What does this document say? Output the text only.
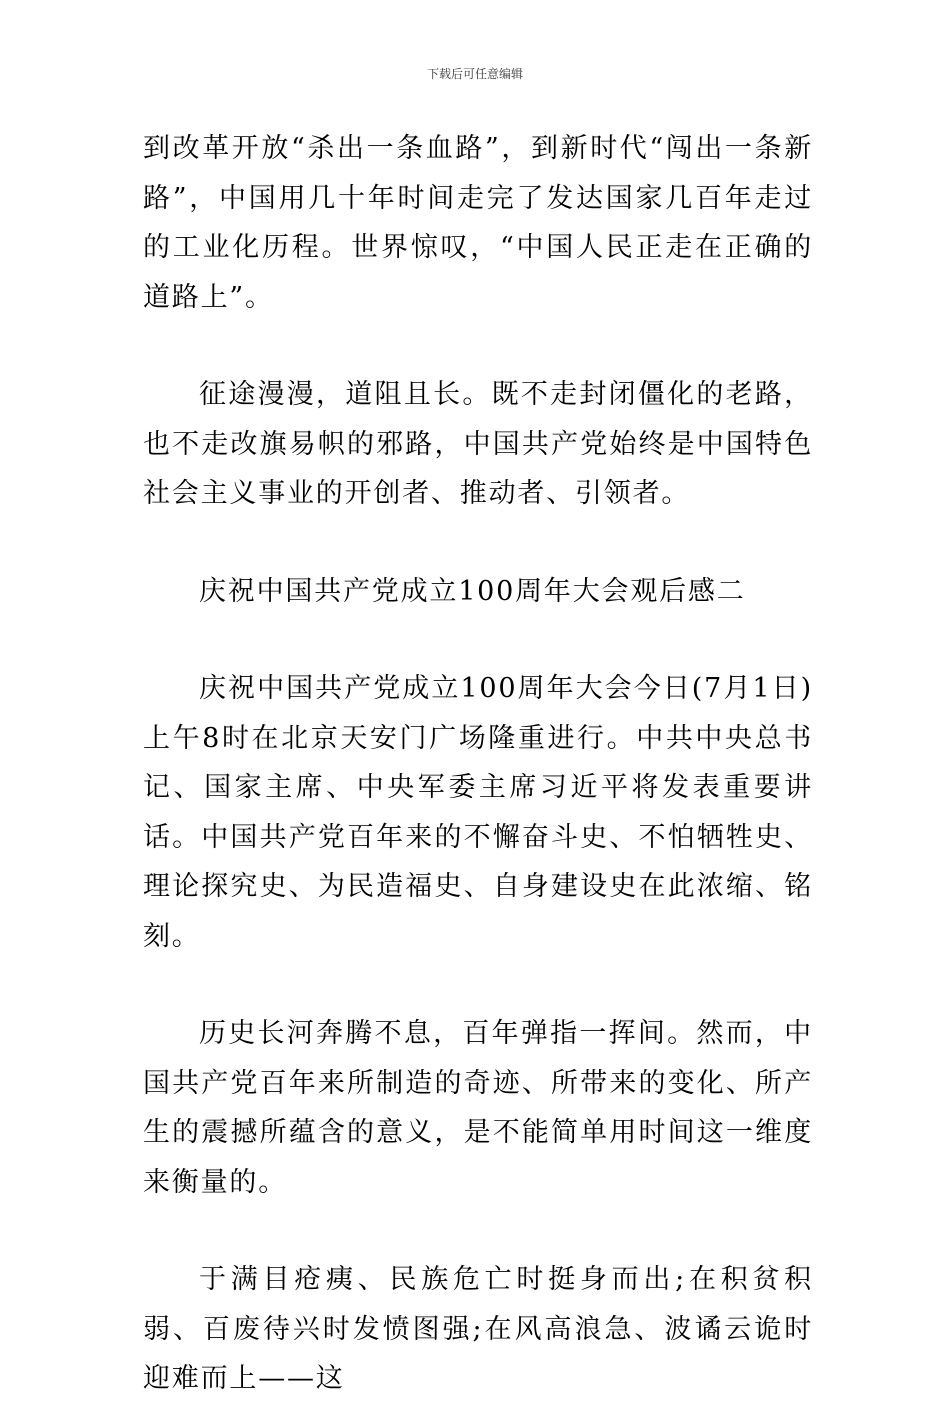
下载后可任意编辑

到改革开放“杀出一条血路”，到新时代“闯出一条新路”，中国用几十年时间走完了发达国家几百年走过的工业化历程。世界惊叹，“中国人民正走在正确的道路上”。

征途漫漫，道阻且长。既不走封闭僵化的老路，也不走改旗易帜的邪路，中国共产党始终是中国特色社会主义事业的开创者、推动者、引领者。

庆祝中国共产党成立100周年大会观后感二

庆祝中国共产党成立100周年大会今日(7月1日)上午8时在北京天安门广场隆重进行。中共中央总书记、国家主席、中央军委主席习近平将发表重要讲话。中国共产党百年来的不懈奋斗史、不怕牺牲史、理论探究史、为民造福史、自身建设史在此浓缩、铭刻。

历史长河奔腾不息，百年弹指一挥间。然而，中国共产党百年来所制造的奇迹、所带来的变化、所产生的震撼所蕴含的意义，是不能简单用时间这一维度来衡量的。

于满目疮痍、民族危亡时挺身而出;在积贫积弱、百废待兴时发愤图强;在风高浪急、波谲云诡时迎难而上——这
